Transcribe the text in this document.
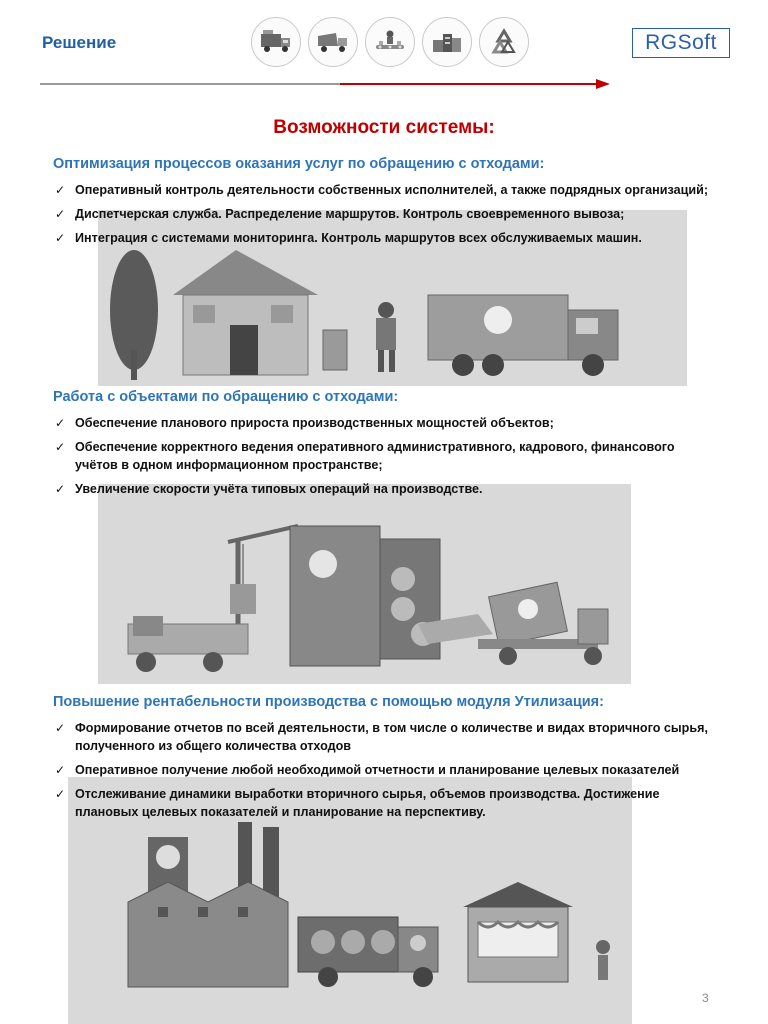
Решение	RGSoft
Возможности системы:
Оптимизация процессов оказания услуг по обращению с отходами:
✓ Оперативный контроль деятельности собственных исполнителей, а также подрядных организаций;
✓ Диспетчерская служба. Распределение маршрутов. Контроль своевременного вывоза;
✓ Интеграция с системами мониторинга. Контроль маршрутов всех обслуживаемых машин.
Работа с объектами по обращению с отходами:
✓ Обеспечение планового прироста производственных мощностей объектов;
✓ Обеспечение корректного ведения оперативного административного, кадрового, финансового учётов в одном информационном пространстве;
✓ Увеличение скорости учёта типовых операций на производстве.
Повышение рентабельности производства с помощью модуля Утилизация:
✓ Формирование отчетов по всей деятельности, в том числе о количестве и видах вторичного сырья, полученного из общего количества отходов
✓ Оперативное получение любой необходимой отчетности и планирование целевых показателей
✓ Отслеживание динамики выработки вторичного сырья, объемов производства. Достижение плановых целевых показателей и планирование на перспективу.
3
